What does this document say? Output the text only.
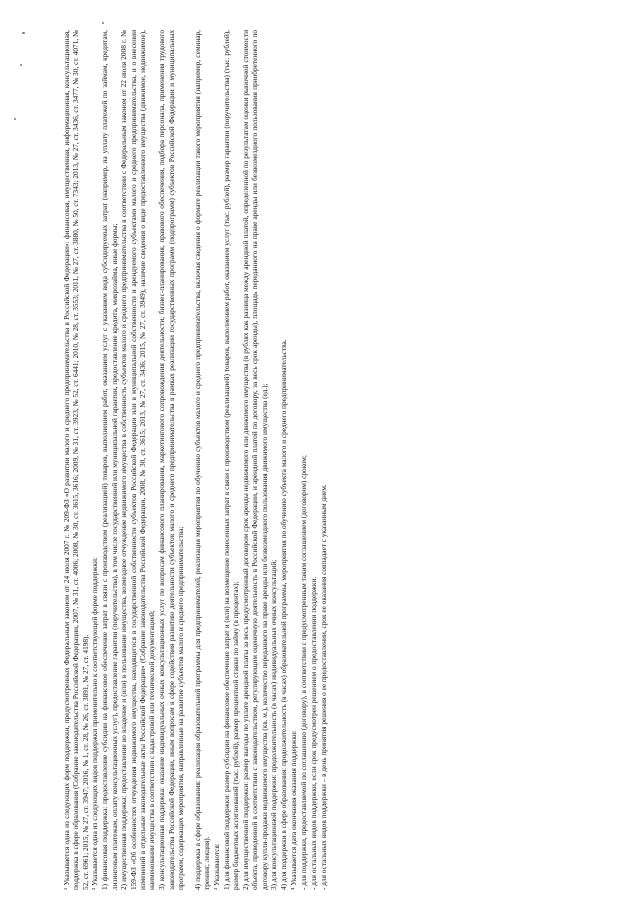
¹ Указывается одна из следующих форм поддержки, предусмотренных Федеральным законом от 24 июля 2007 г. № 209-ФЗ «О развитии малого и среднего предпринимательства в Российской Федерации»: финансовая, имущественная, информационная, консультационная, поддержка в сфере образования (Собрание законодательства Российской Федерации, 2007, № 31, ст. 4006; 2008, № 30, ст. 3615, 3616; 2009, № 31, ст. 3923, № 52, ст. 6441; 2010, № 28, ст. 3553; 2011, № 27, ст. 3880, № 50, ст. 7343; 2013, № 27, ст. 3436, ст. 3477, № 30, ст. 4071, № 52, ст. 6961; 2015, № 27, ст. 3947; 2016, № 1, ст. 28, № 26, ст. 3891, № 27, ст. 4198). ² Указывается одна из следующих видов поддержки применительно к соответствующей форме поддержки: 1) финансовая поддержка: предоставление субсидии на финансовое обеспечение затрат в связи с производством (реализацией) товаров, выполнением работ, оказанием услуг с указанием вида субсидируемых затрат (например, на уплату платежей по займам, кредитам, лизинговым платежам, оплату консультационных услуг), предоставление гарантии (поручительства), в том числе государственной или муниципальной гарантии, предоставление кредита, микрозайма, иные формы; 2) имущественная поддержка: предоставление во владение и (или) в пользование имущества, возмездное отчуждение недвижимого имущества в собственность субъектов малого и среднего предпринимательства в соответствии с Федеральным законом от 22 июля 2008 г. № 159-ФЗ «Об особенностях отчуждения недвижимого имущества, находящегося в государственной собственности субъектов Российской Федерации или в муниципальной собственности и арендуемого субъектами малого и среднего предпринимательства, и о внесении изменений в отдельные законодательные акты Российской Федерации» (Собрание законодательства Российской Федерации, 2008, № 30, ст. 3615; 2013, № 27, ст. 3436; 2015, № 27, ст. 3949), наличие сведения о виде предоставленного имущества (движимое, недвижимое), наименовании имущества в соответствии с кадастровой или технической документацией; 3) консультационная поддержка: оказание индивидуальных очных консультационных услуг по вопросам финансового планирования, маркетингового сопровождения деятельности, бизнес-планирования, правового обеспечения, подбора персонала, применения трудового законодательства Российской Федерации, иным вопросам в сфере содействия развитию деятельности субъектов малого и среднего предпринимательства в рамках реализации государственных программ (подпрограмм) субъектов Российской Федерации и муниципальных программ, содержащих мероприятия, направленные на развитие субъектов малого и среднего предпринимательства; 4) поддержка в сфере образования: реализация образовательной программы для предпринимателей, реализация мероприятия по обучению субъектов малого и среднего предпринимательства, включая сведения о формате реализации такого мероприятия (например, семинар, тренинг, лекция). ³ Указываются: 1) для финансовой поддержки: размер субсидии на финансовое обеспечение затрат и (или) на возмещение понесенных затрат в связи с производством (реализацией) товаров, выполнением работ, оказанием услуг (тыс. рублей), размер гарантии (поручительства) (тыс. рублей), размер бюджетных ассигнований (тыс. рублей), размер процентной ставки по займу (в процентах); 2) для имущественной поддержки: размер выгоды по уплате арендной платы за весь предусмотренный договором срок аренды недвижимого или движимого имущества (в рублях как разница между арендной платой, определенной по результатам оценки рыночной стоимости объекта, проведенной в соответствии с законодательством, регулирующим оценочную деятельность в Российской Федерации, и арендной платой по договору, за весь срок аренды), площадь переданного на праве аренды или безвозмездного пользования приобретенного по договору купли-продажи недвижимого имущества (кв. м.), количество переданного на праве аренды или безвозмездного пользования движимого имущества (ед.); 3) для консультационной поддержки: продолжительность (в часах) индивидуальных очных консультаций; 4) для поддержки в сфере образования: продолжительность (в часах) образовательной программы, мероприятия по обучению субъекта малого и среднего предпринимательства. ⁴ Указывается дата окончания оказания поддержки: - для поддержки, предоставляемой по соглашению (договору), в соответствии с предусмотренным таким соглашением (договором) сроком; - для остальных видов поддержки, если срок предусмотрен решением о предоставлении поддержки. - для остальных видов поддержки – в день принятия решения о ее предоставлении, срок ее оказания совпадает с указанным днем.
